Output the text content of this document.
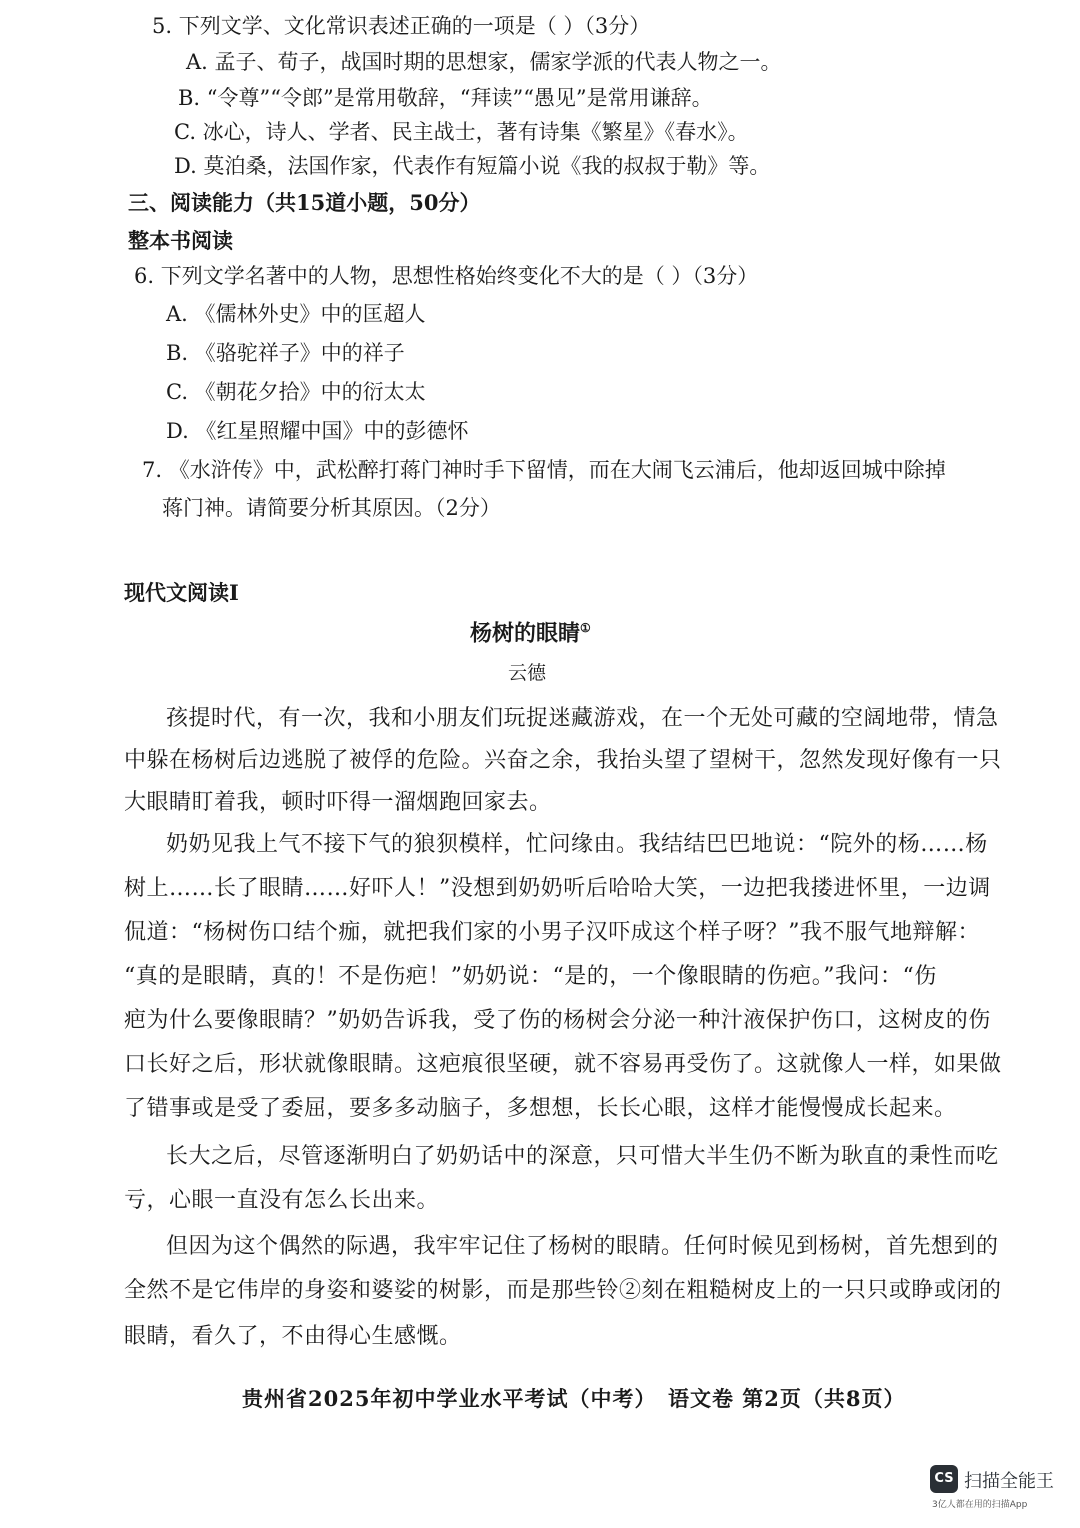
5. 下列文学、文化常识表述正确的一项是（ ）（3分）
A. 孟子、荀子，战国时期的思想家，儒家学派的代表人物之一。
B. “令尊”“令郎”是常用敬辞，“拜读”“愚见”是常用谦辞。
C. 冰心，诗人、学者、民主战士，著有诗集《繁星》《春水》。
D. 莫泊桑，法国作家，代表作有短篇小说《我的叔叔于勒》等。
三、阅读能力（共15道小题，50分）
整本书阅读
6. 下列文学名著中的人物，思想性格始终变化不大的是（ ）（3分）
A. 《儒林外史》中的匡超人
B. 《骆驼祥子》中的祥子
C. 《朝花夕拾》中的衍太太
D. 《红星照耀中国》中的彭德怀
7. 《水浒传》中，武松醉打蒋门神时手下留情，而在大闹飞云浦后，他却返回城中除掉
蒋门神。请简要分析其原因。（2分）
现代文阅读Ⅰ
杨树的眼睛①
云德
孩提时代，有一次，我和小朋友们玩捉迷藏游戏，在一个无处可藏的空阔地带，情急
中躲在杨树后边逃脱了被俘的危险。兴奋之余，我抬头望了望树干，忽然发现好像有一只
大眼睛盯着我，顿时吓得一溜烟跑回家去。
奶奶见我上气不接下气的狼狈模样，忙问缘由。我结结巴巴地说：“院外的杨……杨
树上……长了眼睛……好吓人！”没想到奶奶听后哈哈大笑，一边把我搂进怀里，一边调
侃道：“杨树伤口结个痂，就把我们家的小男子汉吓成这个样子呀？”我不服气地辩解：
“真的是眼睛，真的！不是伤疤！”奶奶说：“是的，一个像眼睛的伤疤。”我问：“伤
疤为什么要像眼睛？”奶奶告诉我，受了伤的杨树会分泌一种汁液保护伤口，这树皮的伤
口长好之后，形状就像眼睛。这疤痕很坚硬，就不容易再受伤了。这就像人一样，如果做
了错事或是受了委屈，要多多动脑子，多想想，长长心眼，这样才能慢慢成长起来。
长大之后，尽管逐渐明白了奶奶话中的深意，只可惜大半生仍不断为耿直的秉性而吃
亏，心眼一直没有怎么长出来。
但因为这个偶然的际遇，我牢牢记住了杨树的眼睛。任何时候见到杨树，首先想到的
全然不是它伟岸的身姿和婆娑的树影，而是那些铃②刻在粗糙树皮上的一只只或睁或闭的
眼睛，看久了，不由得心生感慨。
贵州省2025年初中学业水平考试（中考）　语文卷 第2页（共8页）
CS 扫描全能王
3亿人都在用的扫描App
